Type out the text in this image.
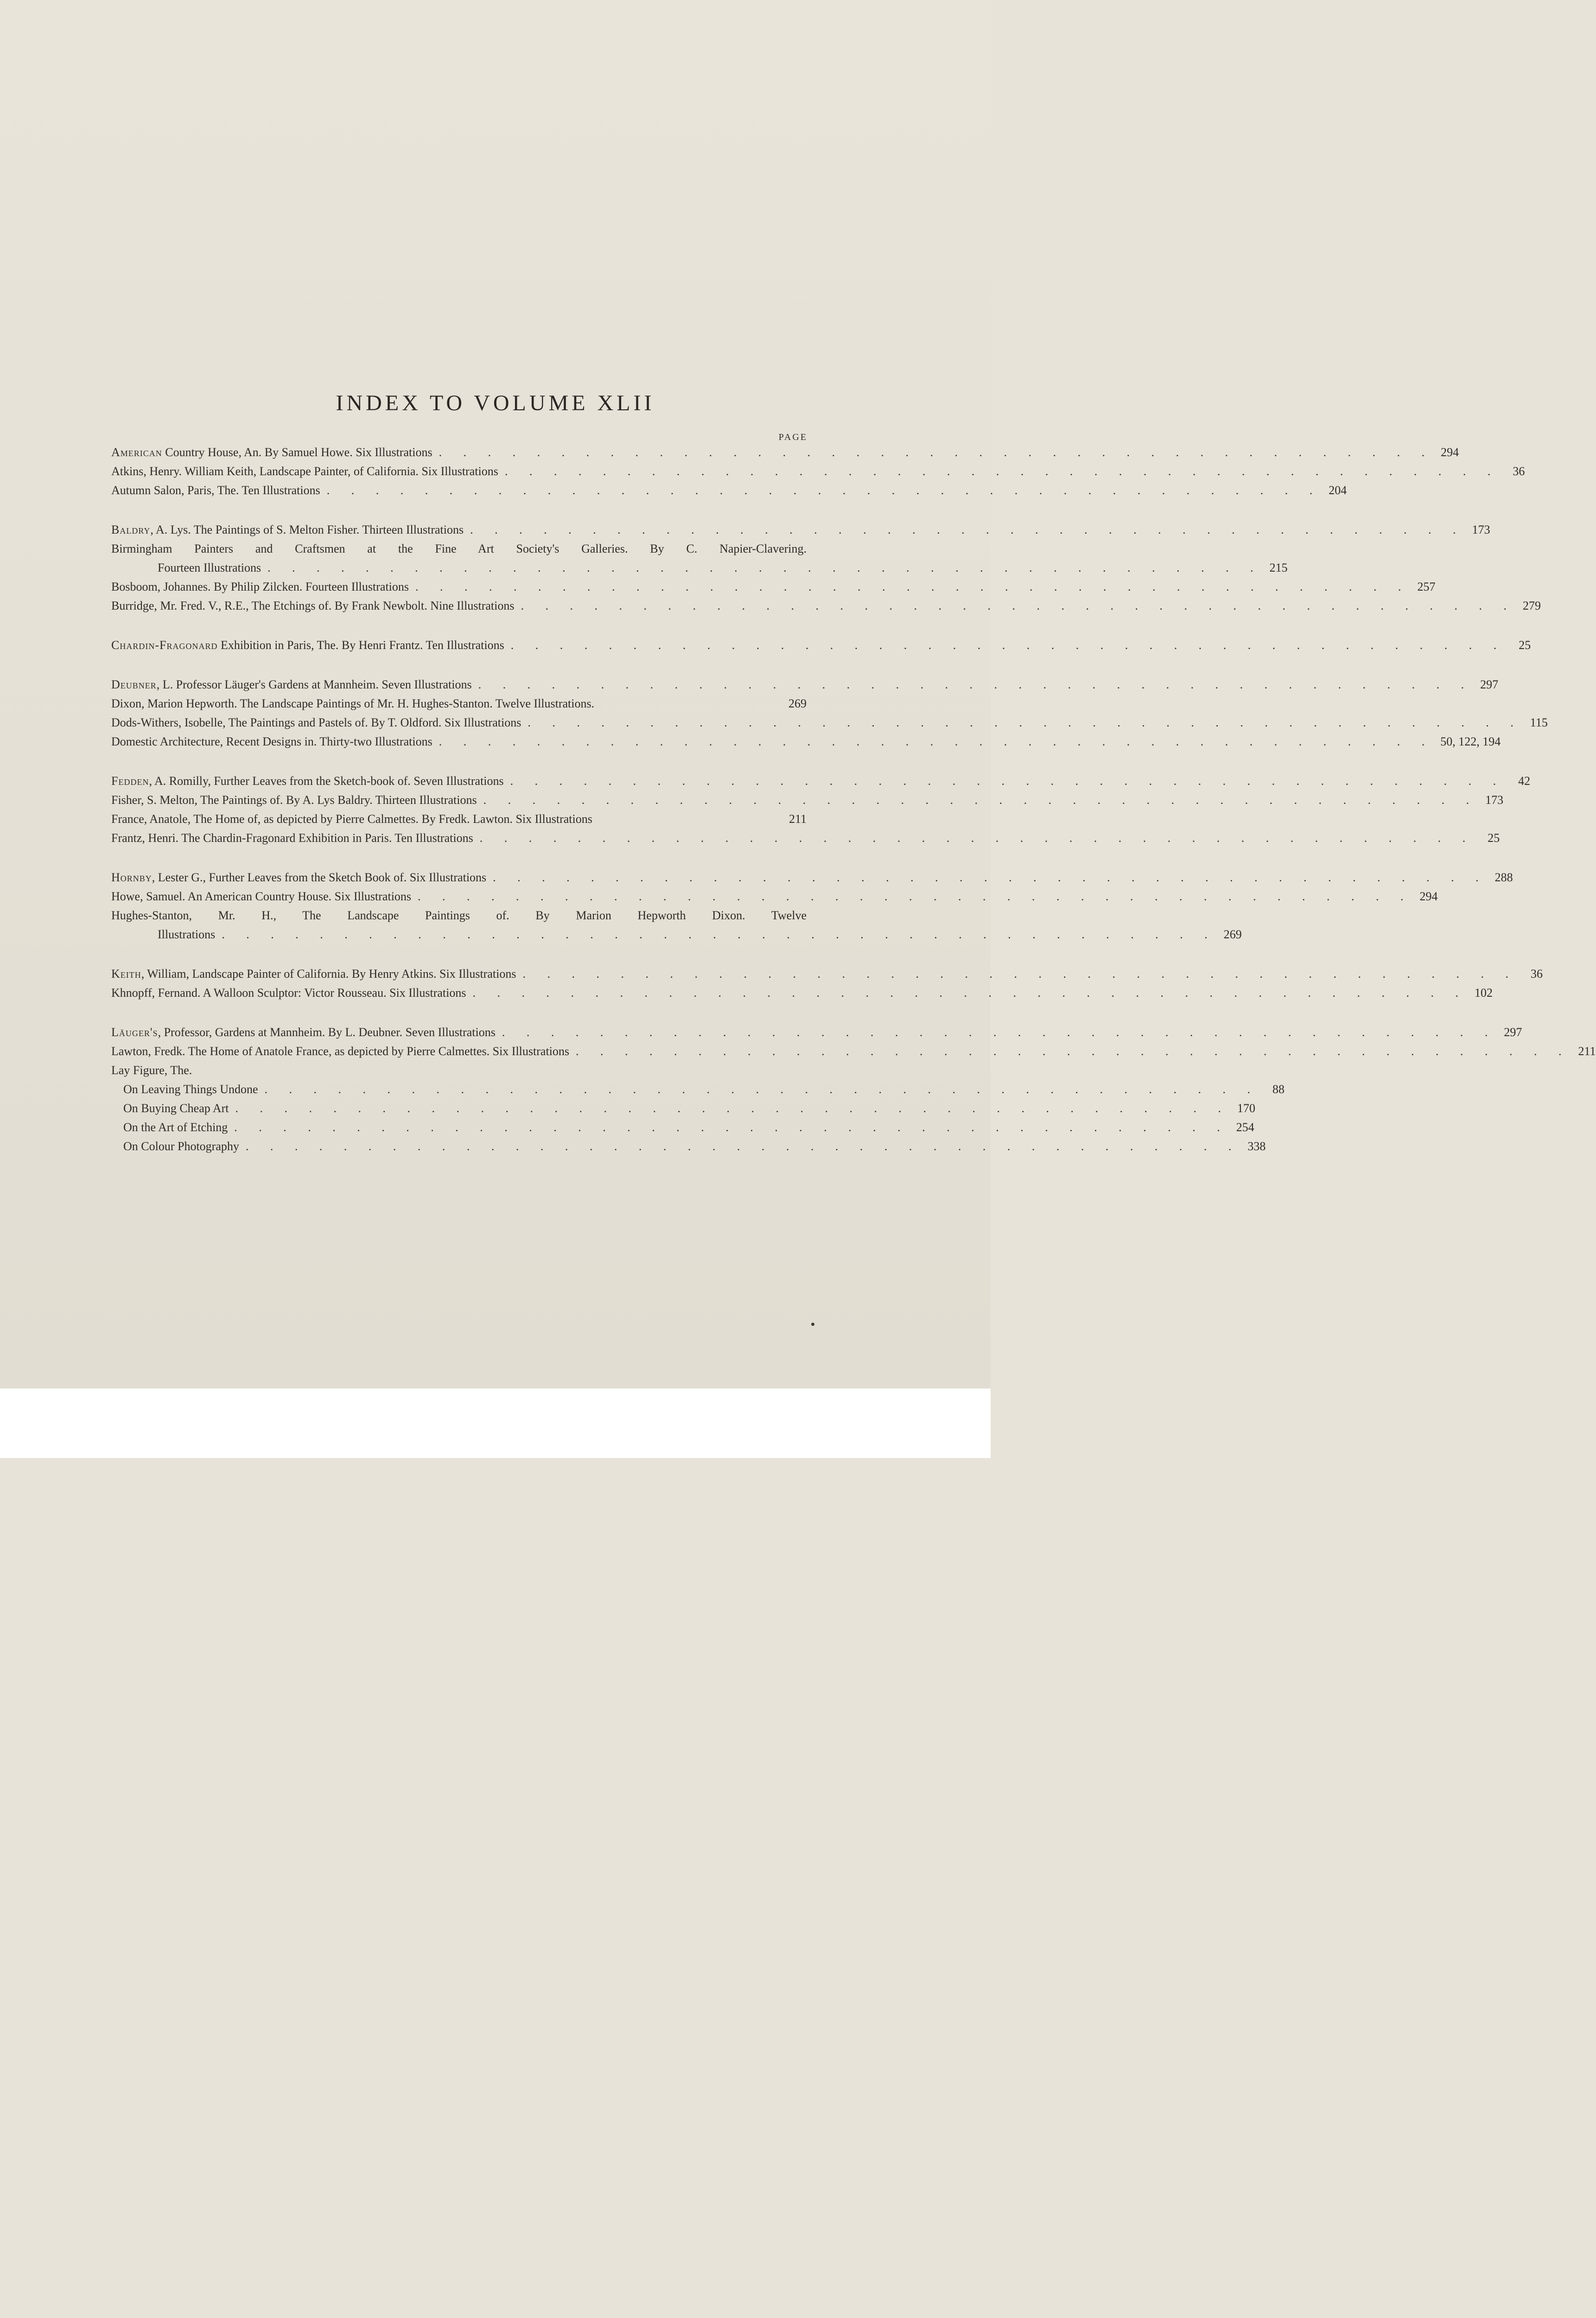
INDEX TO VOLUME XLII
PAGE
American Country House, An. By Samuel Howe. Six Illustrations . . . . . . . . . . . . . . . . . . . . . . . . . . . . . . . . . . . . . . . . . 294
Atkins, Henry. William Keith, Landscape Painter, of California. Six Illustrations . . . . . . . . . . . . . . . . . . . . . . . . . . . . . . . . . . . . . . . . .	36
Autumn Salon, Paris, The. Ten Illustrations . . . . . . . . . . . . . . . . . . . . . . . . . . . . . . . . . . . . . . . . . 204
Baldry, A. Lys. The Paintings of S. Melton Fisher. Thirteen Illustrations . . . . . . . . . . . . . . . . . . . . . . . . . . . . . . . . . . . . . . . . . 173
Birmingham Painters and Craftsmen at the Fine Art Society's Galleries. By C. Napier-Clavering.
Fourteen Illustrations . . . . . . . . . . . . . . . . . . . . . . . . . . . . . . . . . . . . . . . . . 215
Bosboom, Johannes. By Philip Zilcken. Fourteen Illustrations . . . . . . . . . . . . . . . . . . . . . . . . . . . . . . . . . . . . . . . . . 257
Burridge, Mr. Fred. V., R.E., The Etchings of. By Frank Newbolt. Nine Illustrations . . . . . . . . . . . . . . . . . . . . . . . . . . . . . . . . . . . . . . . . . 279
Chardin-Fragonard Exhibition in Paris, The. By Henri Frantz. Ten Illustrations . . . . . . . . . . . . . . . . . . . . . . . . . . . . . . . . . . . . . . . . .	25
Deubner, L. Professor Läuger's Gardens at Mannheim. Seven Illustrations . . . . . . . . . . . . . . . . . . . . . . . . . . . . . . . . . . . . . . . . . 297
Dixon, Marion Hepworth. The Landscape Paintings of Mr. H. Hughes-Stanton. Twelve Illustrations.	269
Dods-Withers, Isobelle, The Paintings and Pastels of. By T. Oldford. Six Illustrations . . . . . . . . . . . . . . . . . . . . . . . . . . . . . . . . . . . . . . . . . 115
Domestic Architecture, Recent Designs in. Thirty-two Illustrations . . . . . . . . . . . . . . . . . . . . . . . . . . . . . . . . . . . . . . . . . 50, 122, 194
Fedden, A. Romilly, Further Leaves from the Sketch-book of. Seven Illustrations . . . . . . . . . . . . . . . . . . . . . . . . . . . . . . . . . . . . . . . . .	42
Fisher, S. Melton, The Paintings of. By A. Lys Baldry. Thirteen Illustrations . . . . . . . . . . . . . . . . . . . . . . . . . . . . . . . . . . . . . . . . . 173
France, Anatole, The Home of, as depicted by Pierre Calmettes. By Fredk. Lawton. Six Illustrations	211
Frantz, Henri. The Chardin-Fragonard Exhibition in Paris. Ten Illustrations . . . . . . . . . . . . . . . . . . . . . . . . . . . . . . . . . . . . . . . . .	25
Hornby, Lester G., Further Leaves from the Sketch Book of. Six Illustrations . . . . . . . . . . . . . . . . . . . . . . . . . . . . . . . . . . . . . . . . . 288
Howe, Samuel. An American Country House. Six Illustrations . . . . . . . . . . . . . . . . . . . . . . . . . . . . . . . . . . . . . . . . . 294
Hughes-Stanton, Mr. H., The Landscape Paintings of. By Marion Hepworth Dixon. Twelve
Illustrations . . . . . . . . . . . . . . . . . . . . . . . . . . . . . . . . . . . . . . . . . 269
Keith, William, Landscape Painter of California. By Henry Atkins. Six Illustrations . . . . . . . . . . . . . . . . . . . . . . . . . . . . . . . . . . . . . . . . .	36
Khnopff, Fernand. A Walloon Sculptor: Victor Rousseau. Six Illustrations . . . . . . . . . . . . . . . . . . . . . . . . . . . . . . . . . . . . . . . . . 102
Läuger's, Professor, Gardens at Mannheim. By L. Deubner. Seven Illustrations . . . . . . . . . . . . . . . . . . . . . . . . . . . . . . . . . . . . . . . . . 297
Lawton, Fredk. The Home of Anatole France, as depicted by Pierre Calmettes. Six Illustrations . . . . . . . . . . . . . . . . . . . . . . . . . . . . . . . . . . . . . . . . . 211
Lay Figure, The.
On Leaving Things Undone . . . . . . . . . . . . . . . . . . . . . . . . . . . . . . . . . . . . . . . . .	88
On Buying Cheap Art . . . . . . . . . . . . . . . . . . . . . . . . . . . . . . . . . . . . . . . . . 170
On the Art of Etching . . . . . . . . . . . . . . . . . . . . . . . . . . . . . . . . . . . . . . . . . 254
On Colour Photography . . . . . . . . . . . . . . . . . . . . . . . . . . . . . . . . . . . . . . . . . 338
